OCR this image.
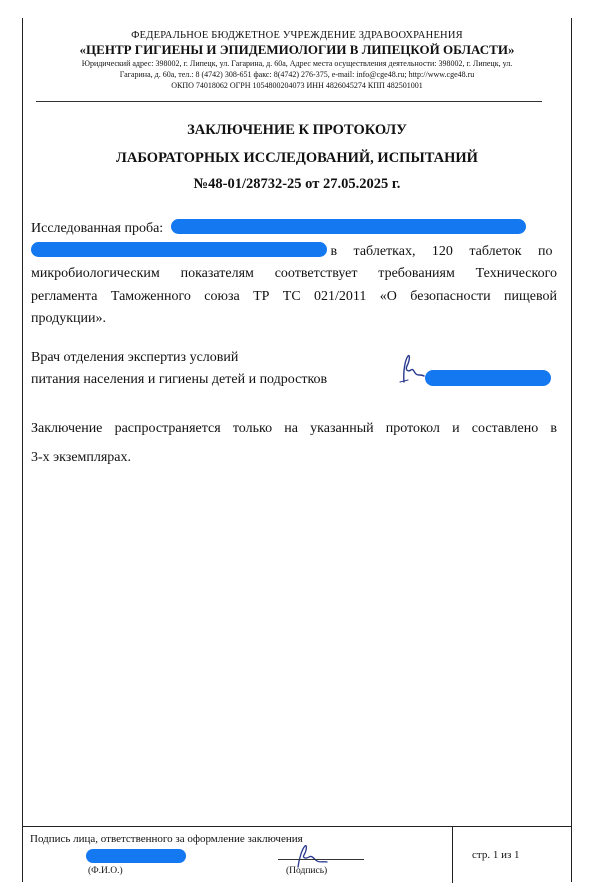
ФЕДЕРАЛЬНОЕ БЮДЖЕТНОЕ УЧРЕЖДЕНИЕ ЗДРАВООХРАНЕНИЯ
«ЦЕНТР ГИГИЕНЫ И ЭПИДЕМИОЛОГИИ В ЛИПЕЦКОЙ ОБЛАСТИ»
Юридический адрес: 398002, г. Липецк, ул. Гагарина, д. 60а, Адрес места осуществления деятельности: 398002, г. Липецк, ул.
Гагарина, д. 60а, тел.: 8 (4742) 308-651 факс: 8(4742) 276-375, e-mail: info@cge48.ru; http://www.cge48.ru
ОКПО 74018062 ОГРН 1054800204073 ИНН 4826045274 КПП 482501001
ЗАКЛЮЧЕНИЕ К ПРОТОКОЛУ
ЛАБОРАТОРНЫХ ИССЛЕДОВАНИЙ, ИСПЫТАНИЙ
№48-01/28732-25 от 27.05.2025 г.
Исследованная проба:
в  таблетках,  120  таблеток  по
микробиологическим показателям соответствует требованиям Технического
регламента Таможенного союза ТР ТС 021/2011 «О безопасности пищевой
продукции».
Врач отделения экспертиз условий
питания населения и гигиены детей и подростков
Заключение распространяется только на указанный протокол и составлено в
3-х экземплярах.
Подпись лица, ответственного за оформление заключения
(Ф.И.О.)	(Подпись)
стр. 1 из 1
